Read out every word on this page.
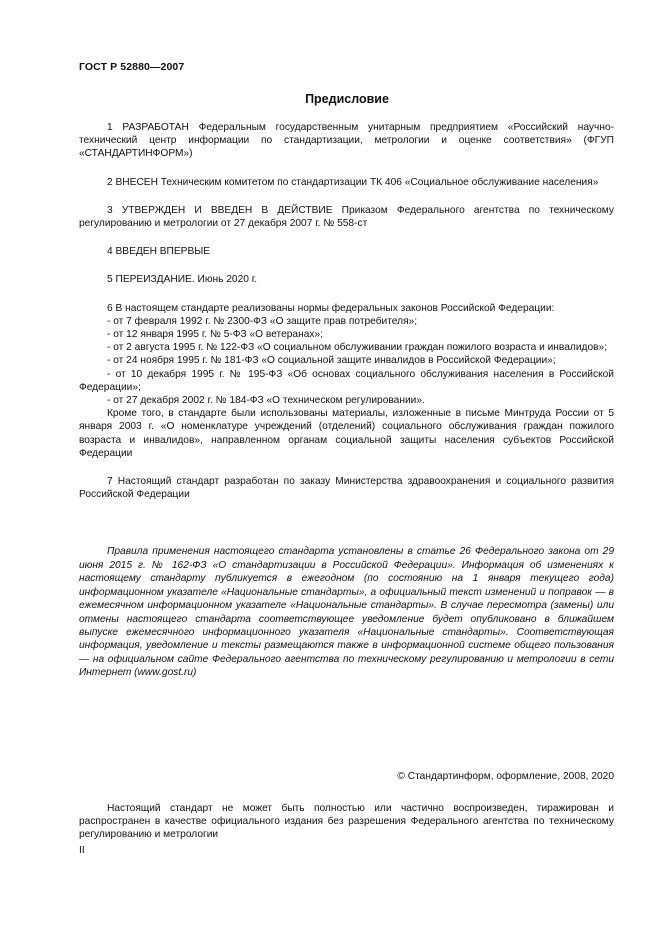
ГОСТ Р 52880—2007
Предисловие

1 РАЗРАБОТАН Федеральным государственным унитарным предприятием «Российский научно-технический центр информации по стандартизации, метрологии и оценке соответствия» (ФГУП «СТАНДАРТИНФОРМ»)

2 ВНЕСЕН Техническим комитетом по стандартизации ТК 406 «Социальное обслуживание населения»

3 УТВЕРЖДЕН И ВВЕДЕН В ДЕЙСТВИЕ Приказом Федерального агентства по техническому регулированию и метрологии от 27 декабря 2007 г. № 558-ст

4 ВВЕДЕН ВПЕРВЫЕ

5 ПЕРЕИЗДАНИЕ. Июнь 2020 г.

6 В настоящем стандарте реализованы нормы федеральных законов Российской Федерации:

- от 7 февраля 1992 г. № 2300-ФЗ «О защите прав потребителя»;

- от 12 января 1995 г. № 5-ФЗ «О ветеранах»;

- от 2 августа 1995 г. № 122-ФЗ «О социальном обслуживании граждан пожилого возраста и инвалидов»;

- от 24 ноября 1995 г. № 181-ФЗ «О социальной защите инвалидов в Российской Федерации»;

- от 10 декабря 1995 г. № 195-ФЗ «Об основах социального обслуживания населения в Российской Федерации»;

- от 27 декабря 2002 г. № 184-ФЗ «О техническом регулировании».

Кроме того, в стандарте были использованы материалы, изложенные в письме Минтруда России от 5 января 2003 г. «О номенклатуре учреждений (отделений) социального обслуживания граждан пожилого возраста и инвалидов», направленном органам социальной защиты населения субъектов Российской Федерации

7 Настоящий стандарт разработан по заказу Министерства здравоохранения и социального развития Российской Федерации

Правила применения настоящего стандарта установлены в статье 26 Федерального закона от 29 июня 2015 г. № 162-ФЗ «О стандартизации в Российской Федерации». Информация об изменениях к настоящему стандарту публикуется в ежегодном (по состоянию на 1 января текущего года) информационном указателе «Национальные стандарты», а официальный текст изменений и поправок — в ежемесячном информационном указателе «Национальные стандарты». В случае пересмотра (замены) или отмены настоящего стандарта соответствующее уведомление будет опубликовано в ближайшем выпуске ежемесячного информационного указателя «Национальные стандарты». Соответствующая информация, уведомление и тексты размещаются также в информационной системе общего пользования — на официальном сайте Федерального агентства по техническому регулированию и метрологии в сети Интернет (www.gost.ru)

© Стандартинформ, оформление, 2008, 2020

Настоящий стандарт не может быть полностью или частично воспроизведен, тиражирован и распространен в качестве официального издания без разрешения Федерального агентства по техническому регулированию и метрологии

II
